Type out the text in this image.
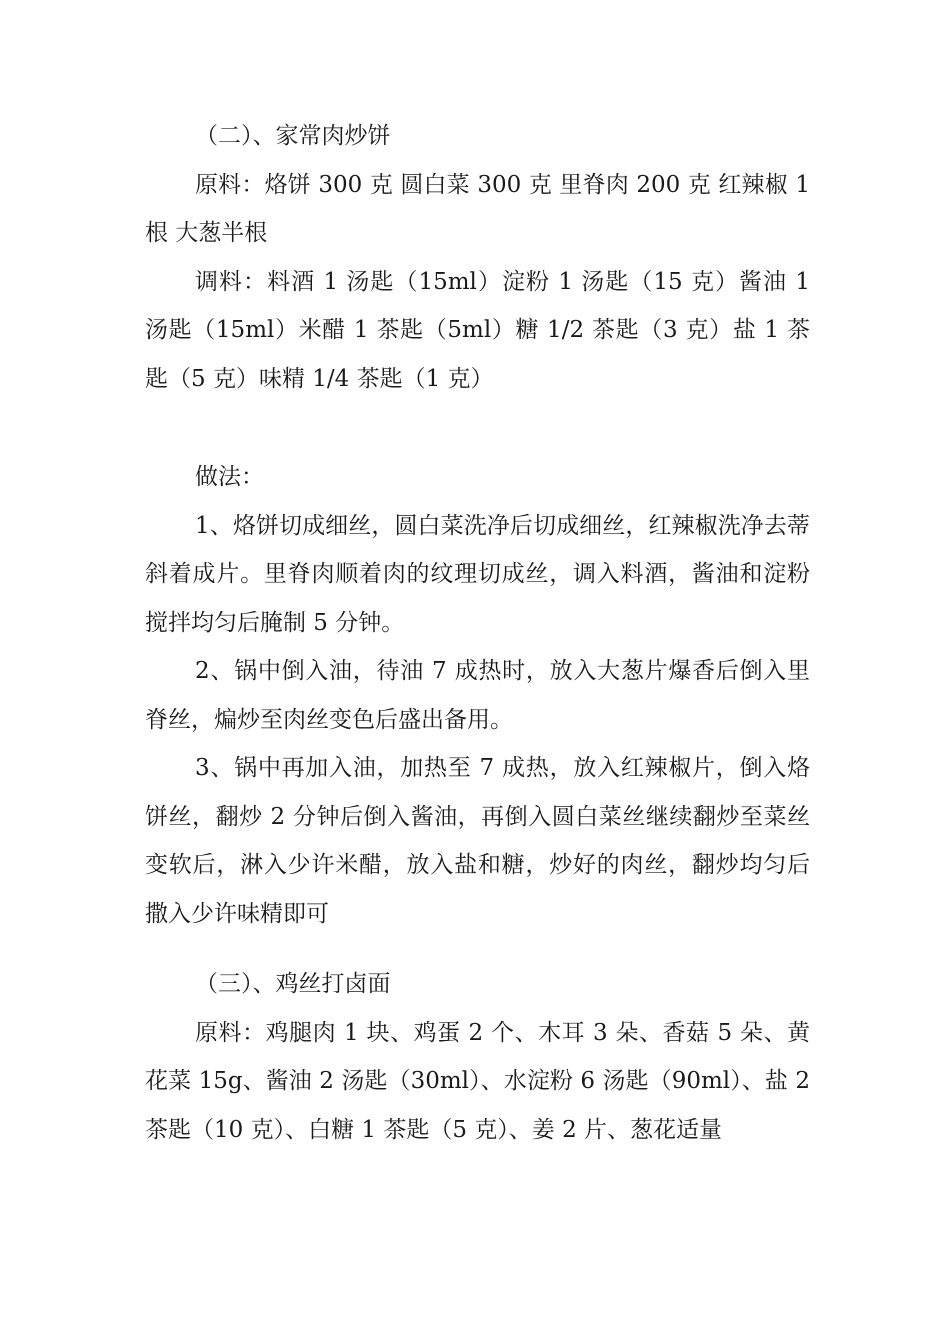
（二）、家常肉炒饼

原料：烙饼 300 克 圆白菜 300 克 里脊肉 200 克 红辣椒 1 根 大葱半根

调料：料酒 1 汤匙（15ml）淀粉 1 汤匙（15 克）酱油 1 汤匙（15ml）米醋 1 茶匙（5ml）糖 1/2 茶匙（3 克）盐 1 茶匙（5 克）味精 1/4 茶匙（1 克）

做法：

1、烙饼切成细丝，圆白菜洗净后切成细丝，红辣椒洗净去蒂斜着成片。里脊肉顺着肉的纹理切成丝，调入料酒，酱油和淀粉搅拌均匀后腌制 5 分钟。

2、锅中倒入油，待油 7 成热时，放入大葱片爆香后倒入里脊丝，煸炒至肉丝变色后盛出备用。

3、锅中再加入油，加热至 7 成热，放入红辣椒片，倒入烙饼丝，翻炒 2 分钟后倒入酱油，再倒入圆白菜丝继续翻炒至菜丝变软后，淋入少许米醋，放入盐和糖，炒好的肉丝，翻炒均匀后撒入少许味精即可

（三）、鸡丝打卤面

原料：鸡腿肉 1 块、鸡蛋 2 个、木耳 3 朵、香菇 5 朵、黄花菜 15g、酱油 2 汤匙（30ml）、水淀粉 6 汤匙（90ml）、盐 2 茶匙（10 克）、白糖 1 茶匙（5 克）、姜 2 片、葱花适量
